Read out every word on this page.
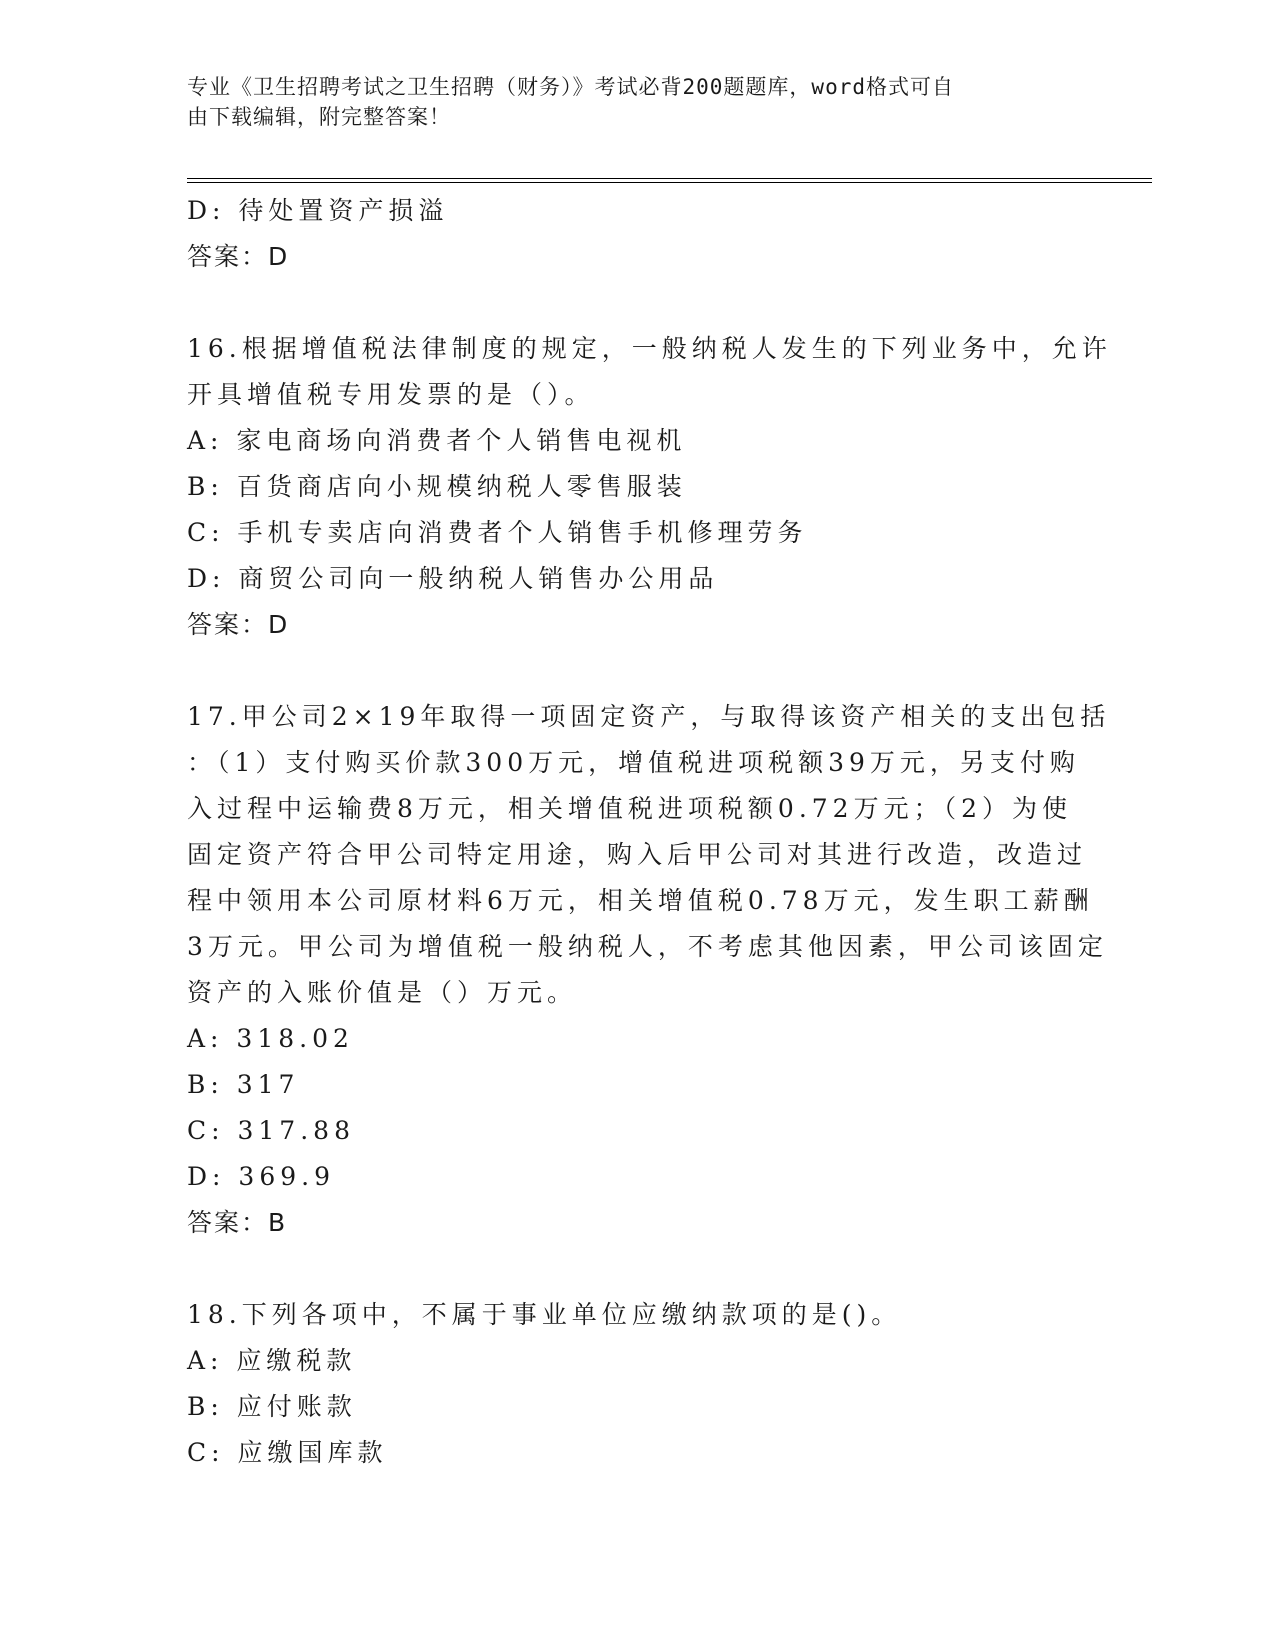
专业《卫生招聘考试之卫生招聘（财务）》考试必背200题题库，word格式可自
由下载编辑，附完整答案！
D: 待处置资产损溢
答案：D
16.根据增值税法律制度的规定，一般纳税人发生的下列业务中，允许
开具增值税专用发票的是（）。
A: 家电商场向消费者个人销售电视机
B: 百货商店向小规模纳税人零售服装
C: 手机专卖店向消费者个人销售手机修理劳务
D: 商贸公司向一般纳税人销售办公用品
答案：D
17.甲公司2×19年取得一项固定资产，与取得该资产相关的支出包括
：（1）支付购买价款300万元，增值税进项税额39万元，另支付购
入过程中运输费8万元，相关增值税进项税额0.72万元；（2）为使
固定资产符合甲公司特定用途，购入后甲公司对其进行改造，改造过
程中领用本公司原材料6万元，相关增值税0.78万元，发生职工薪酬
3万元。甲公司为增值税一般纳税人，不考虑其他因素，甲公司该固定
资产的入账价值是（）万元。
A: 318.02
B: 317
C: 317.88
D: 369.9
答案：B
18.下列各项中，不属于事业单位应缴纳款项的是()。
A: 应缴税款
B: 应付账款
C: 应缴国库款
